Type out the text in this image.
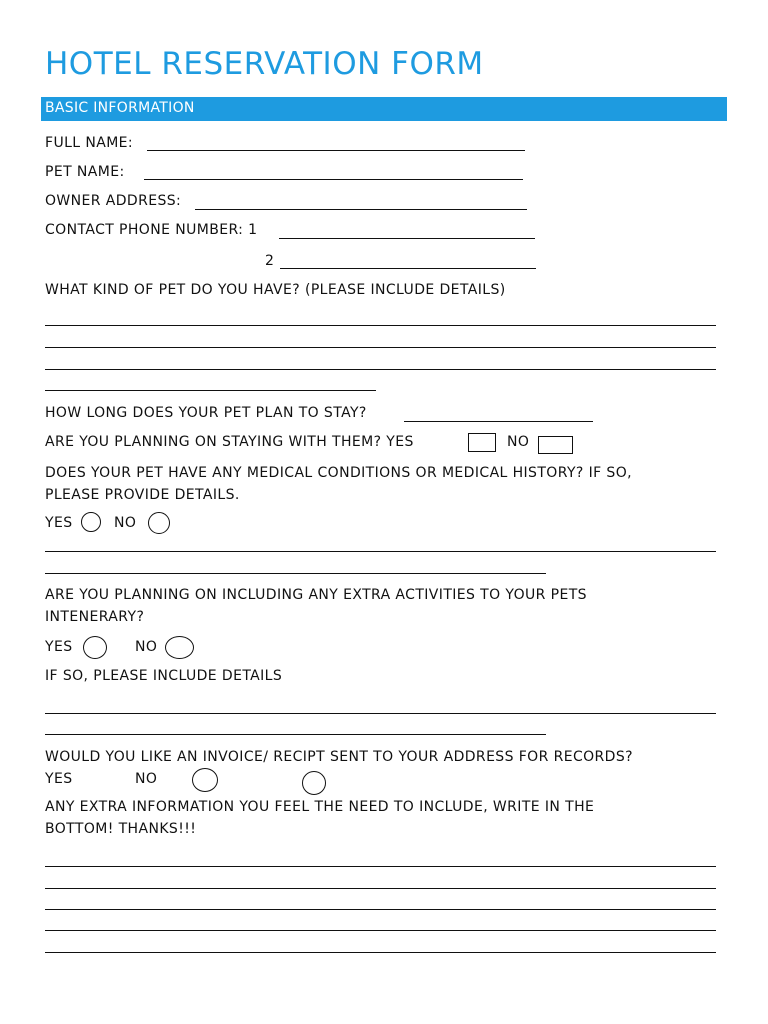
HOTEL RESERVATION FORM
BASIC INFORMATION
FULL NAME:
PET NAME:
OWNER ADDRESS:
CONTACT PHONE NUMBER: 1
2
WHAT KIND OF PET DO YOU HAVE? (PLEASE INCLUDE DETAILS)
HOW LONG DOES YOUR PET PLAN TO STAY?
ARE YOU PLANNING ON STAYING WITH THEM? YES	NO
DOES YOUR PET HAVE ANY MEDICAL CONDITIONS OR MEDICAL HISTORY? IF SO,
PLEASE PROVIDE DETAILS.
YES	NO
ARE YOU PLANNING ON INCLUDING ANY EXTRA ACTIVITIES TO YOUR PETS
INTENERARY?
YES	NO
IF SO, PLEASE INCLUDE DETAILS
WOULD YOU LIKE AN INVOICE/ RECIPT SENT TO YOUR ADDRESS FOR RECORDS?
YES	NO
ANY EXTRA INFORMATION YOU FEEL THE NEED TO INCLUDE, WRITE IN THE
BOTTOM! THANKS!!!
